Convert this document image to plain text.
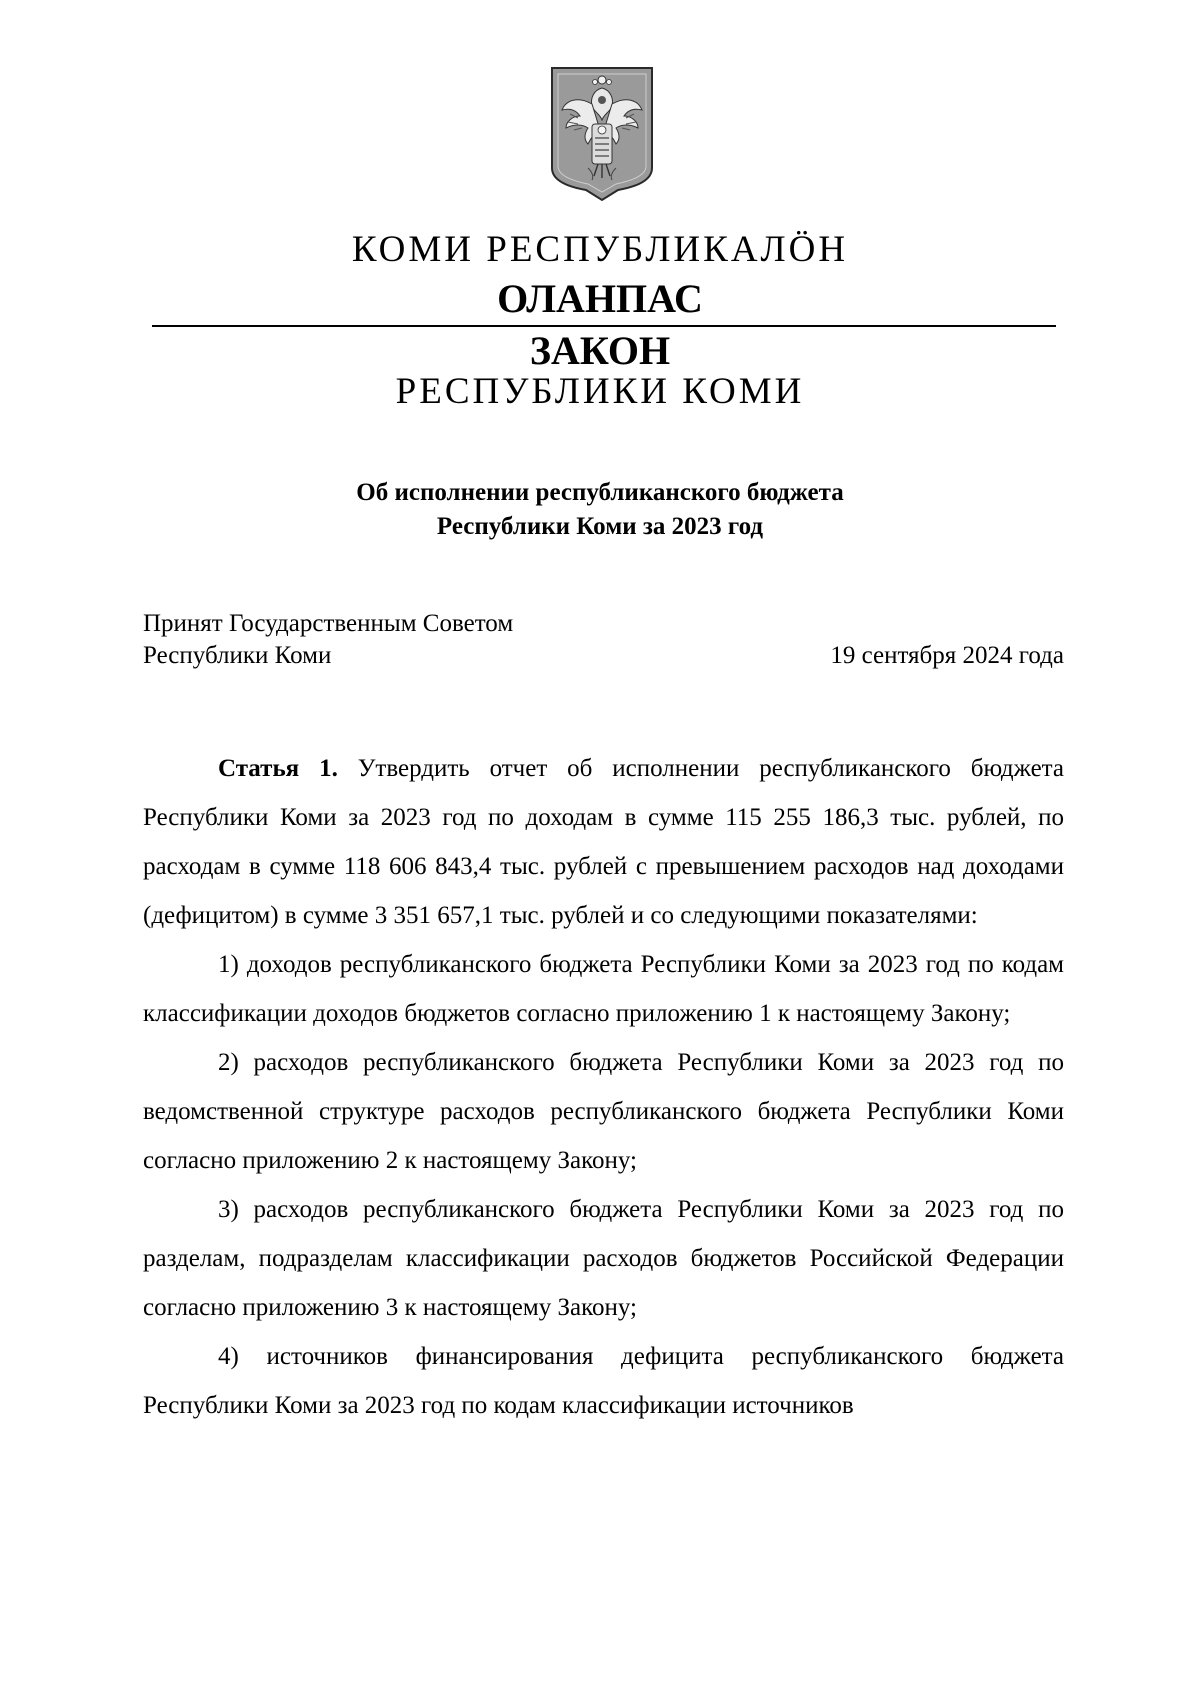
КОМИ РЕСПУБЛИКАЛӦН
ОЛАНПАС
ЗАКОН
РЕСПУБЛИКИ КОМИ
Об исполнении республиканского бюджета
Республики Коми за 2023 год
Принят Государственным Советом
Республики Коми	19 сентября 2024 года

Статья 1. Утвердить отчет об исполнении республиканского бюджета Республики Коми за 2023 год по доходам в сумме 115 255 186,3 тыс. рублей, по расходам в сумме 118 606 843,4 тыс. рублей с превышением расходов над доходами (дефицитом) в сумме 3 351 657,1 тыс. рублей и со следующими показателями:

1) доходов республиканского бюджета Республики Коми за 2023 год по кодам классификации доходов бюджетов согласно приложению 1 к настоящему Закону;

2) расходов республиканского бюджета Республики Коми за 2023 год по ведомственной структуре расходов республиканского бюджета Республики Коми согласно приложению 2 к настоящему Закону;

3) расходов республиканского бюджета Республики Коми за 2023 год по разделам, подразделам классификации расходов бюджетов Российской Федерации согласно приложению 3 к настоящему Закону;

4) источников финансирования дефицита республиканского бюджета Республики Коми за 2023 год по кодам классификации источников
